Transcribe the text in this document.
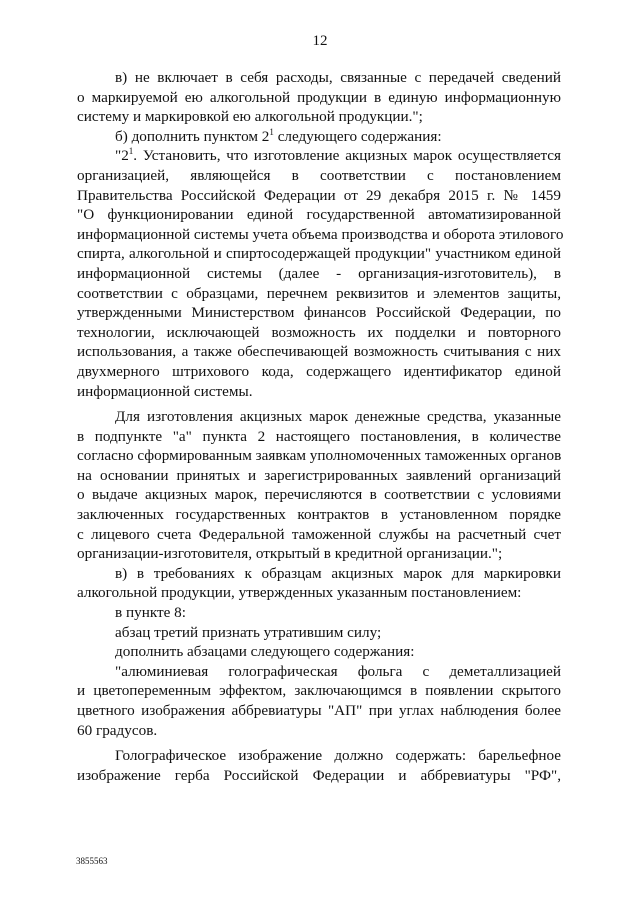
12
в) не включает в себя расходы, связанные с передачей сведений
о маркируемой ею алкогольной продукции в единую информационную
систему и маркировкой ею алкогольной продукции.";
б) дополнить пунктом $2^1$ следующего содержания:
"$2^1$. Установить, что изготовление акцизных марок осуществляется
организацией, являющейся в соответствии с постановлением
Правительства Российской Федерации от 29 декабря 2015 г. № 1459
"О функционировании единой государственной автоматизированной
информационной системы учета объема производства и оборота этилового
спирта, алкогольной и спиртосодержащей продукции" участником единой
информационной системы (далее - организация-изготовитель), в
соответствии с образцами, перечнем реквизитов и элементов защиты,
утвержденными Министерством финансов Российской Федерации, по
технологии, исключающей возможность их подделки и повторного
использования, а также обеспечивающей возможность считывания с них
двухмерного штрихового кода, содержащего идентификатор единой
информационной системы.
Для изготовления акцизных марок денежные средства, указанные
в подпункте "а" пункта 2 настоящего постановления, в количестве
согласно сформированным заявкам уполномоченных таможенных органов
на основании принятых и зарегистрированных заявлений организаций
о выдаче акцизных марок, перечисляются в соответствии с условиями
заключенных государственных контрактов в установленном порядке
с лицевого счета Федеральной таможенной службы на расчетный счет
организации-изготовителя, открытый в кредитной организации.";
в) в требованиях к образцам акцизных марок для маркировки
алкогольной продукции, утвержденных указанным постановлением:
в пункте 8:
абзац третий признать утратившим силу;
дополнить абзацами следующего содержания:
"алюминиевая голографическая фольга с деметаллизацией
и цветопеременным эффектом, заключающимся в появлении скрытого
цветного изображения аббревиатуры "АП" при углах наблюдения более
60 градусов.
Голографическое изображение должно содержать: барельефное
изображение герба Российской Федерации и аббревиатуры "РФ",
3855563
